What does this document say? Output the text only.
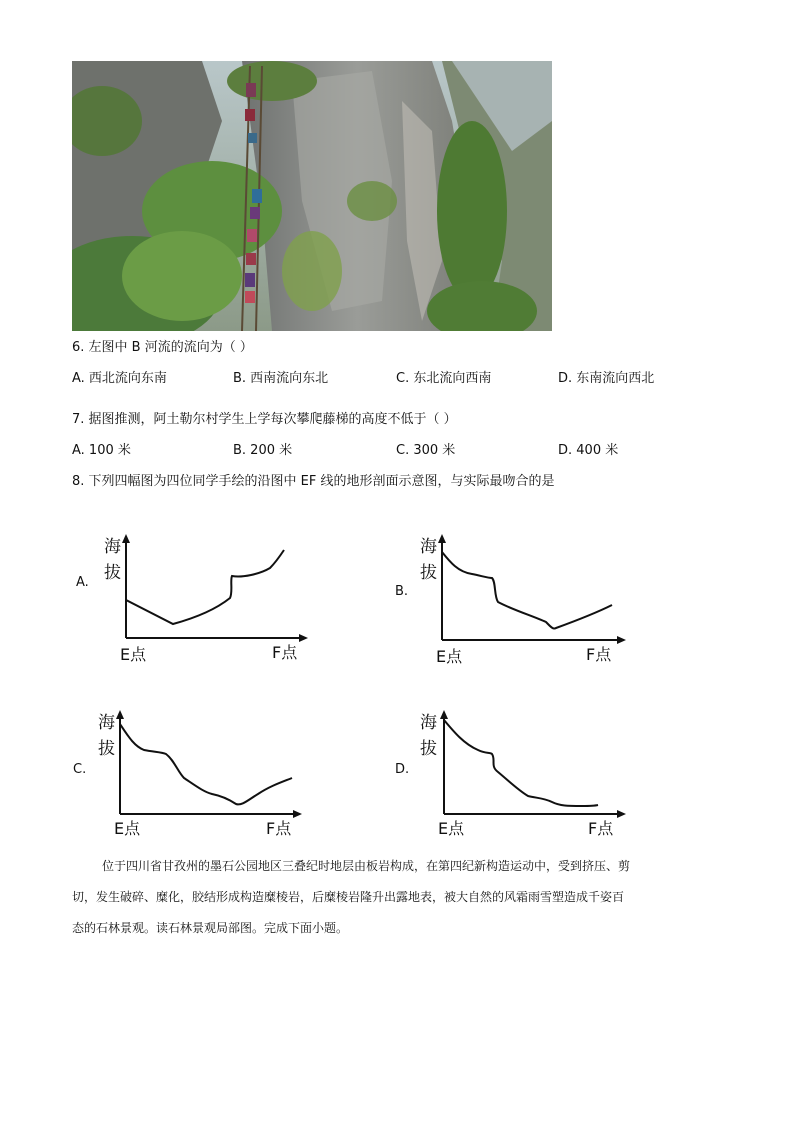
6. 左图中 B 河流的流向为（ ）
A. 西北流向东南	B. 西南流向东北	C. 东北流向西南	D. 东南流向西北
7. 据图推测，阿土勒尔村学生上学每次攀爬藤梯的高度不低于（ ）
A. 100 米	B. 200 米	C. 300 米	D. 400 米
8. 下列四幅图为四位同学手绘的沿图中 EF 线的地形剖面示意图，与实际最吻合的是
A.
海
拔
E点	F点
B.
海
拔
E点	F点
C.
海
拔
E点	F点
D.
海
拔
E点	F点
位于四川省甘孜州的墨石公园地区三叠纪时地层由板岩构成，在第四纪新构造运动中，受到挤压、剪
切，发生破碎、糜化，胶结形成构造糜棱岩，后糜棱岩隆升出露地表，被大自然的风霜雨雪塑造成千姿百
态的石林景观。读石林景观局部图。完成下面小题。
